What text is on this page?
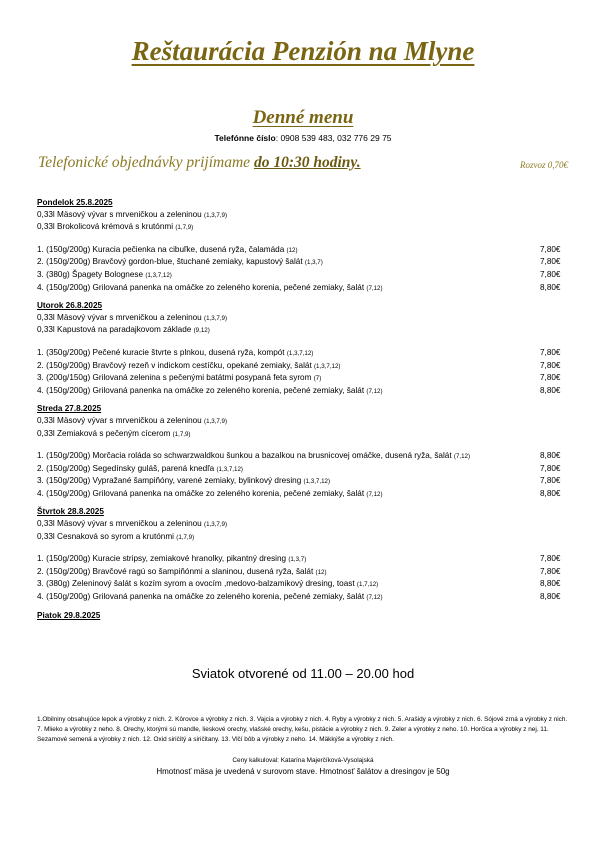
Reštaurácia Penzión na Mlyne
Denné menu
Telefónne číslo: 0908 539 483, 032 776 29 75
Telefonické objednávky prijímame do 10:30 hodiny.	Rozvoz 0,70€
Pondelok 25.8.2025
0,33l Mäsový vývar s mrveničkou a zeleninou (1,3,7,9)
0,33l Brokolicová krémová s krutónmi (1,7,9)
1. (150g/200g) Kuracia pečienka na cibuľke, dusená ryža, čalamáda (12)	7,80€
2. (150g/200g) Bravčový gordon-blue, štuchané zemiaky, kapustový šalát (1,3,7)	7,80€
3. (380g) Špagety Bolognese (1,3,7,12)	7,80€
4. (150g/200g) Grilovaná panenka na omáčke zo zeleného korenia, pečené zemiaky, šalát (7,12)	8,80€
Utorok 26.8.2025
0,33l Mäsový vývar s mrveničkou a zeleninou (1,3,7,9)
0,33l Kapustová na paradajkovom základe (9,12)
1. (350g/200g) Pečené kuracie štvrte s plnkou, dusená ryža, kompót (1,3,7,12)	7,80€
2. (150g/200g) Bravčový rezeň v indickom cestíčku, opekané zemiaky, šalát (1,3,7,12)	7,80€
3. (200g/150g) Grilovaná zelenina s pečenými batátmi posypaná feta syrom (7)	7,80€
4. (150g/200g) Grilovaná panenka na omáčke zo zeleného korenia, pečené zemiaky, šalát (7,12)	8,80€
Streda 27.8.2025
0,33l Mäsový vývar s mrveničkou a zeleninou (1,3,7,9)
0,33l Zemiaková s pečeným cícerom (1,7,9)
1. (150g/200g) Morčacia roláda so schwarzwaldkou šunkou a bazalkou na brusnicovej omáčke, dusená ryža, šalát (7,12)	8,80€
2. (150g/200g) Segedínsky guláš, parená knedľa (1,3,7,12)	7,80€
3. (150g/200g) Vypražané šampiňóny, varené zemiaky, bylinkový dresing (1,3,7,12)	7,80€
4. (150g/200g) Grilovaná panenka na omáčke zo zeleného korenia, pečené zemiaky, šalát (7,12)	8,80€
Štvrtok 28.8.2025
0,33l Mäsový vývar s mrveničkou a zeleninou (1,3,7,9)
0,33l Cesnaková so syrom a krutónmi (1,7,9)
1. (150g/200g) Kuracie stripsy, zemiakové hranolky, pikantný dresing (1,3,7)	7,80€
2. (150g/200g) Bravčové ragú so šampiňónmi a slaninou, dusená ryža, šalát (12)	7,80€
3. (380g) Zeleninový šalát s kozím syrom a ovocím ,medovo-balzamikový dresing, toast (1,7,12)	8,80€
4. (150g/200g) Grilovaná panenka na omáčke zo zeleného korenia, pečené zemiaky, šalát (7,12)	8,80€
Piatok 29.8.2025
Sviatok otvorené od 11.00 – 20.00 hod
1.Obilniny obsahujúce lepok a výrobky z nich. 2. Kôrovce a výrobky z nich. 3. Vajcia a výrobky z nich. 4. Ryby a výrobky z nich. 5. Arašidy a výrobky z nich. 6. Sójové zrná a výrobky z nich. 7. Mlieko a výrobky z neho. 8. Orechy, ktorými sú mandle, lieskové orechy, vlašské orechy, kešu, pistácie a výrobky z nich. 9. Zeler a výrobky z neho. 10. Horčica a výrobky z nej. 11. Sezamové semená a výrobky z nich. 12. Oxid siričitý a siričitany. 13. Vlčí bôb a výrobky z neho. 14. Mäkkýše a výrobky z nich.
Ceny kalkuloval: Katarína Majerčíková-Vysolajská
Hmotnosť mäsa je uvedená v surovom stave. Hmotnosť šalátov a dresingov je 50g
